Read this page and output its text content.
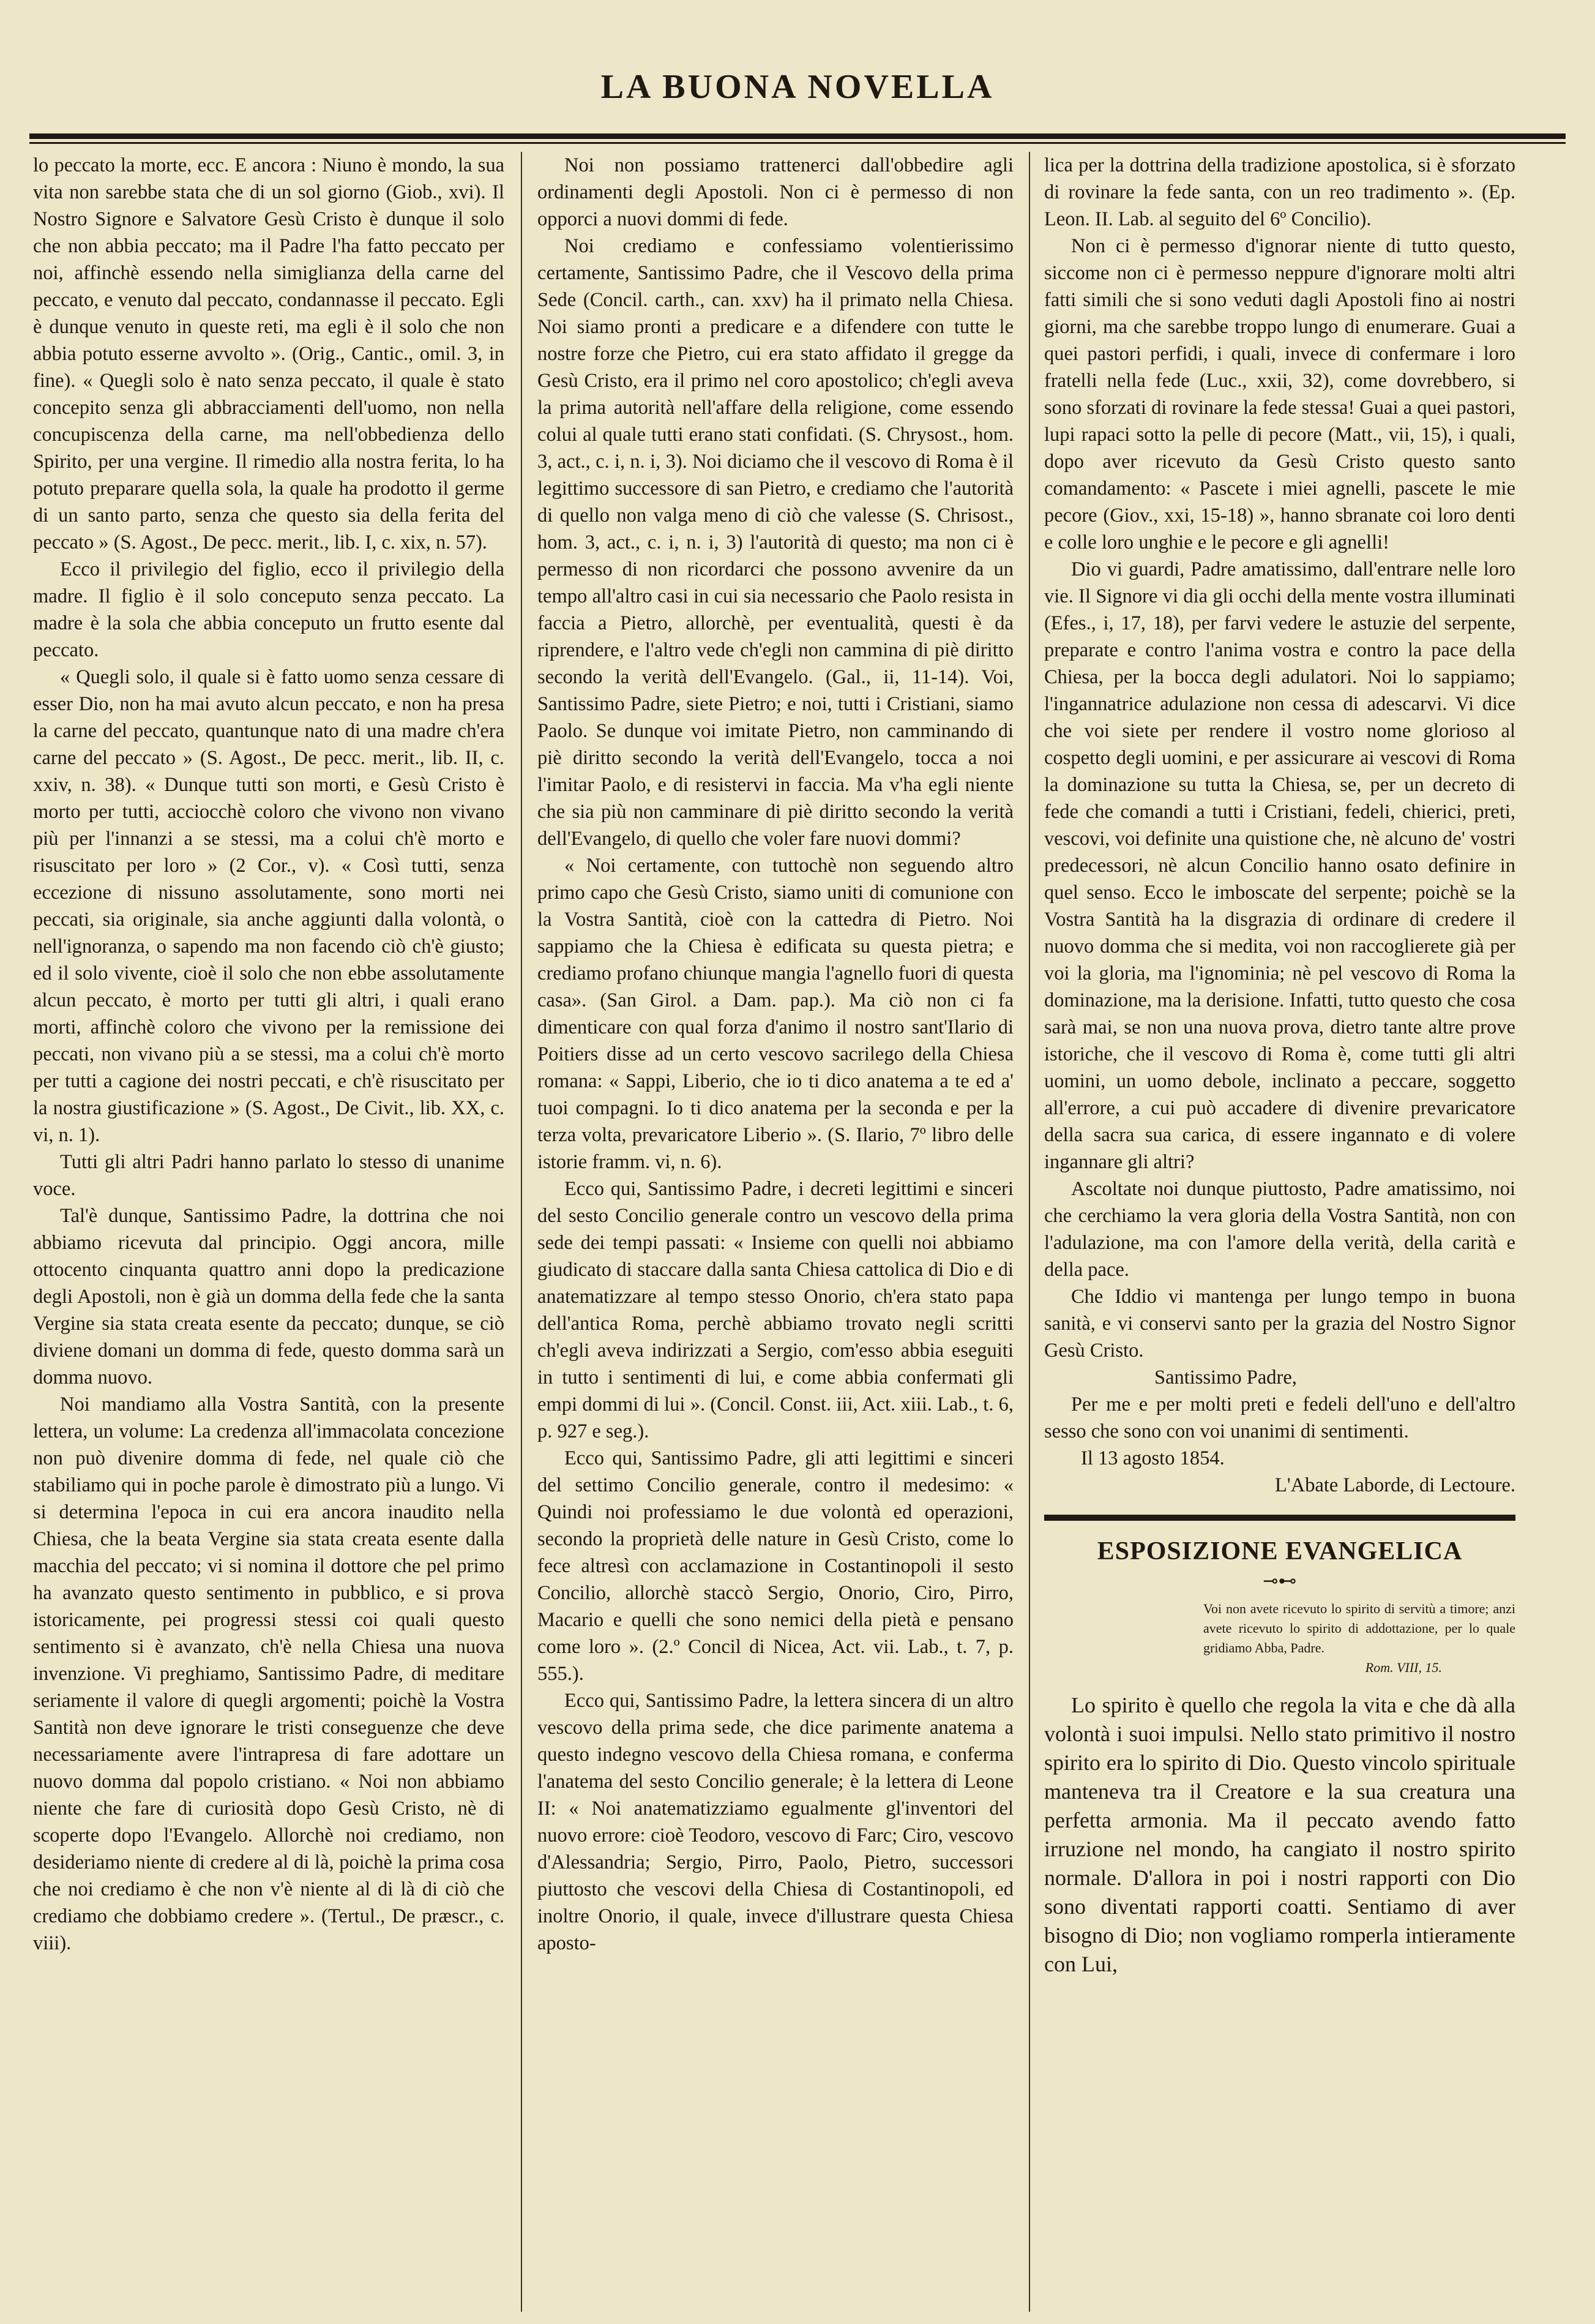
LA BUONA NOVELLA

lo peccato la morte, ecc. E ancora : Niuno è mondo, la sua vita non sarebbe stata che di un sol giorno (Giob., xvi). Il Nostro Signore e Salvatore Gesù Cristo è dunque il solo che non abbia peccato; ma il Padre l'ha fatto peccato per noi, affinchè essendo nella simiglianza della carne del peccato, e venuto dal peccato, condannasse il peccato. Egli è dunque venuto in queste reti, ma egli è il solo che non abbia potuto esserne avvolto ». (Orig., Cantic., omil. 3, in fine). « Quegli solo è nato senza peccato, il quale è stato concepito senza gli abbracciamenti dell'uomo, non nella concupiscenza della carne, ma nell'obbedienza dello Spirito, per una vergine. Il rimedio alla nostra ferita, lo ha potuto preparare quella sola, la quale ha prodotto il germe di un santo parto, senza che questo sia della ferita del peccato » (S. Agost., De pecc. merit., lib. I, c. xix, n. 57).

Ecco il privilegio del figlio, ecco il privilegio della madre. Il figlio è il solo conceputo senza peccato. La madre è la sola che abbia conceputo un frutto esente dal peccato.

« Quegli solo, il quale si è fatto uomo senza cessare di esser Dio, non ha mai avuto alcun peccato, e non ha presa la carne del peccato, quantunque nato di una madre ch'era carne del peccato » (S. Agost., De pecc. merit., lib. II, c. xxiv, n. 38). « Dunque tutti son morti, e Gesù Cristo è morto per tutti, acciocchè coloro che vivono non vivano più per l'innanzi a se stessi, ma a colui ch'è morto e risuscitato per loro » (2 Cor., v). « Così tutti, senza eccezione di nissuno assolutamente, sono morti nei peccati, sia originale, sia anche aggiunti dalla volontà, o nell'ignoranza, o sapendo ma non facendo ciò ch'è giusto; ed il solo vivente, cioè il solo che non ebbe assolutamente alcun peccato, è morto per tutti gli altri, i quali erano morti, affinchè coloro che vivono per la remissione dei peccati, non vivano più a se stessi, ma a colui ch'è morto per tutti a cagione dei nostri peccati, e ch'è risuscitato per la nostra giustificazione » (S. Agost., De Civit., lib. XX, c. vi, n. 1).

Tutti gli altri Padri hanno parlato lo stesso di unanime voce.

Tal'è dunque, Santissimo Padre, la dottrina che noi abbiamo ricevuta dal principio. Oggi ancora, mille ottocento cinquanta quattro anni dopo la predicazione degli Apostoli, non è già un domma della fede che la santa Vergine sia stata creata esente da peccato; dunque, se ciò diviene domani un domma di fede, questo domma sarà un domma nuovo.

Noi mandiamo alla Vostra Santità, con la presente lettera, un volume: La credenza all'immacolata concezione non può divenire domma di fede, nel quale ciò che stabiliamo qui in poche parole è dimostrato più a lungo. Vi si determina l'epoca in cui era ancora inaudito nella Chiesa, che la beata Vergine sia stata creata esente dalla macchia del peccato; vi si nomina il dottore che pel primo ha avanzato questo sentimento in pubblico, e si prova istoricamente, pei progressi stessi coi quali questo sentimento si è avanzato, ch'è nella Chiesa una nuova invenzione. Vi preghiamo, Santissimo Padre, di meditare seriamente il valore di quegli argomenti; poichè la Vostra Santità non deve ignorare le tristi conseguenze che deve necessariamente avere l'intrapresa di fare adottare un nuovo domma dal popolo cristiano. « Noi non abbiamo niente che fare di curiosità dopo Gesù Cristo, nè di scoperte dopo l'Evangelo. Allorchè noi crediamo, non desideriamo niente di credere al di là, poichè la prima cosa che noi crediamo è che non v'è niente al di là di ciò che crediamo che dobbiamo credere ». (Tertul., De præscr., c. viii).

Noi non possiamo trattenerci dall'obbedire agli ordinamenti degli Apostoli. Non ci è permesso di non opporci a nuovi dommi di fede.

Noi crediamo e confessiamo volentierissimo certamente, Santissimo Padre, che il Vescovo della prima Sede (Concil. carth., can. xxv) ha il primato nella Chiesa. Noi siamo pronti a predicare e a difendere con tutte le nostre forze che Pietro, cui era stato affidato il gregge da Gesù Cristo, era il primo nel coro apostolico; ch'egli aveva la prima autorità nell'affare della religione, come essendo colui al quale tutti erano stati confidati. (S. Chrysost., hom. 3, act., c. i, n. i, 3). Noi diciamo che il vescovo di Roma è il legittimo successore di san Pietro, e crediamo che l'autorità di quello non valga meno di ciò che valesse (S. Chrisost., hom. 3, act., c. i, n. i, 3) l'autorità di questo; ma non ci è permesso di non ricordarci che possono avvenire da un tempo all'altro casi in cui sia necessario che Paolo resista in faccia a Pietro, allorchè, per eventualità, questi è da riprendere, e l'altro vede ch'egli non cammina di piè diritto secondo la verità dell'Evangelo. (Gal., ii, 11-14). Voi, Santissimo Padre, siete Pietro; e noi, tutti i Cristiani, siamo Paolo. Se dunque voi imitate Pietro, non camminando di piè diritto secondo la verità dell'Evangelo, tocca a noi l'imitar Paolo, e di resistervi in faccia. Ma v'ha egli niente che sia più non camminare di piè diritto secondo la verità dell'Evangelo, di quello che voler fare nuovi dommi?

« Noi certamente, con tuttochè non seguendo altro primo capo che Gesù Cristo, siamo uniti di comunione con la Vostra Santità, cioè con la cattedra di Pietro. Noi sappiamo che la Chiesa è edificata su questa pietra; e crediamo profano chiunque mangia l'agnello fuori di questa casa». (San Girol. a Dam. pap.). Ma ciò non ci fa dimenticare con qual forza d'animo il nostro sant'Ilario di Poitiers disse ad un certo vescovo sacrilego della Chiesa romana: « Sappi, Liberio, che io ti dico anatema a te ed a' tuoi compagni. Io ti dico anatema per la seconda e per la terza volta, prevaricatore Liberio ». (S. Ilario, 7º libro delle istorie framm. vi, n. 6).

Ecco qui, Santissimo Padre, i decreti legittimi e sinceri del sesto Concilio generale contro un vescovo della prima sede dei tempi passati: « Insieme con quelli noi abbiamo giudicato di staccare dalla santa Chiesa cattolica di Dio e di anatematizzare al tempo stesso Onorio, ch'era stato papa dell'antica Roma, perchè abbiamo trovato negli scritti ch'egli aveva indirizzati a Sergio, com'esso abbia eseguiti in tutto i sentimenti di lui, e come abbia confermati gli empi dommi di lui ». (Concil. Const. iii, Act. xiii. Lab., t. 6, p. 927 e seg.).

Ecco qui, Santissimo Padre, gli atti legittimi e sinceri del settimo Concilio generale, contro il medesimo: « Quindi noi professiamo le due volontà ed operazioni, secondo la proprietà delle nature in Gesù Cristo, come lo fece altresì con acclamazione in Costantinopoli il sesto Concilio, allorchè staccò Sergio, Onorio, Ciro, Pirro, Macario e quelli che sono nemici della pietà e pensano come loro ». (2.º Concil di Nicea, Act. vii. Lab., t. 7, p. 555.).

Ecco qui, Santissimo Padre, la lettera sincera di un altro vescovo della prima sede, che dice parimente anatema a questo indegno vescovo della Chiesa romana, e conferma l'anatema del sesto Concilio generale; è la lettera di Leone II: « Noi anatematizziamo egualmente gl'inventori del nuovo errore: cioè Teodoro, vescovo di Farc; Ciro, vescovo d'Alessandria; Sergio, Pirro, Paolo, Pietro, successori piuttosto che vescovi della Chiesa di Costantinopoli, ed inoltre Onorio, il quale, invece d'illustrare questa Chiesa aposto-

lica per la dottrina della tradizione apostolica, si è sforzato di rovinare la fede santa, con un reo tradimento ». (Ep. Leon. II. Lab. al seguito del 6º Concilio).

Non ci è permesso d'ignorar niente di tutto questo, siccome non ci è permesso neppure d'ignorare molti altri fatti simili che si sono veduti dagli Apostoli fino ai nostri giorni, ma che sarebbe troppo lungo di enumerare. Guai a quei pastori perfidi, i quali, invece di confermare i loro fratelli nella fede (Luc., xxii, 32), come dovrebbero, si sono sforzati di rovinare la fede stessa! Guai a quei pastori, lupi rapaci sotto la pelle di pecore (Matt., vii, 15), i quali, dopo aver ricevuto da Gesù Cristo questo santo comandamento: « Pascete i miei agnelli, pascete le mie pecore (Giov., xxi, 15-18) », hanno sbranate coi loro denti e colle loro unghie e le pecore e gli agnelli!

Dio vi guardi, Padre amatissimo, dall'entrare nelle loro vie. Il Signore vi dia gli occhi della mente vostra illuminati (Efes., i, 17, 18), per farvi vedere le astuzie del serpente, preparate e contro l'anima vostra e contro la pace della Chiesa, per la bocca degli adulatori. Noi lo sappiamo; l'ingannatrice adulazione non cessa di adescarvi. Vi dice che voi siete per rendere il vostro nome glorioso al cospetto degli uomini, e per assicurare ai vescovi di Roma la dominazione su tutta la Chiesa, se, per un decreto di fede che comandi a tutti i Cristiani, fedeli, chierici, preti, vescovi, voi definite una quistione che, nè alcuno de' vostri predecessori, nè alcun Concilio hanno osato definire in quel senso. Ecco le imboscate del serpente; poichè se la Vostra Santità ha la disgrazia di ordinare di credere il nuovo domma che si medita, voi non raccoglierete già per voi la gloria, ma l'ignominia; nè pel vescovo di Roma la dominazione, ma la derisione. Infatti, tutto questo che cosa sarà mai, se non una nuova prova, dietro tante altre prove istoriche, che il vescovo di Roma è, come tutti gli altri uomini, un uomo debole, inclinato a peccare, soggetto all'errore, a cui può accadere di divenire prevaricatore della sacra sua carica, di essere ingannato e di volere ingannare gli altri?

Ascoltate noi dunque piuttosto, Padre amatissimo, noi che cerchiamo la vera gloria della Vostra Santità, non con l'adulazione, ma con l'amore della verità, della carità e della pace.

Che Iddio vi mantenga per lungo tempo in buona sanità, e vi conservi santo per la grazia del Nostro Signor Gesù Cristo.

Santissimo Padre,

Per me e per molti preti e fedeli dell'uno e dell'altro sesso che sono con voi unanimi di sentimenti.

Il 13 agosto 1854.

L'Abate Laborde, di Lectoure.

ESPOSIZIONE EVANGELICA
⊸⊷

Voi non avete ricevuto lo spirito di servitù a timore; anzi avete ricevuto lo spirito di addottazione, per lo quale gridiamo Abba, Padre.

Rom. VIII, 15.

Lo spirito è quello che regola la vita e che dà alla volontà i suoi impulsi. Nello stato primitivo il nostro spirito era lo spirito di Dio. Questo vincolo spirituale manteneva tra il Creatore e la sua creatura una perfetta armonia. Ma il peccato avendo fatto irruzione nel mondo, ha cangiato il nostro spirito normale. D'allora in poi i nostri rapporti con Dio sono diventati rapporti coatti. Sentiamo di aver bisogno di Dio; non vogliamo romperla intieramente con Lui,
